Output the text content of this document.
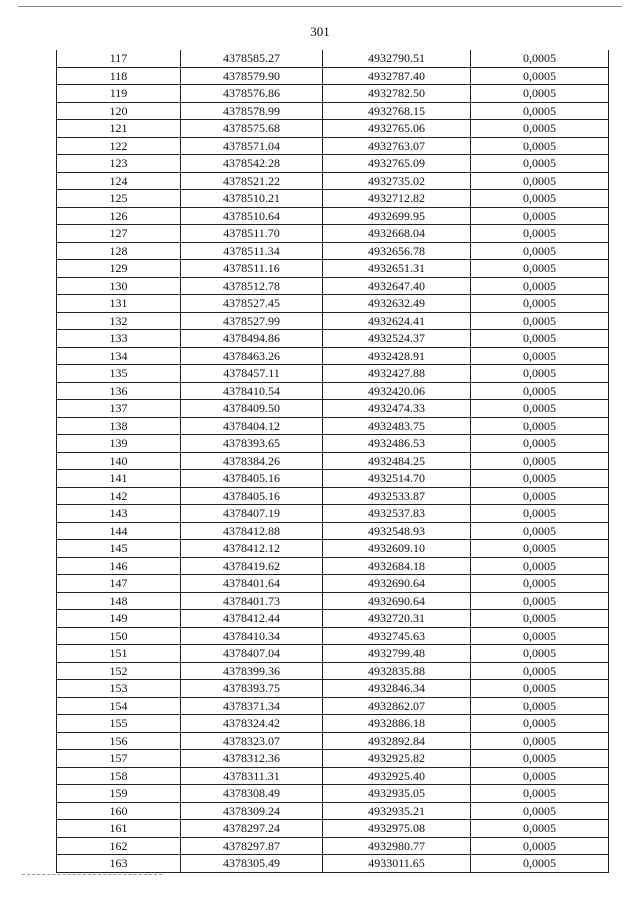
301
117	4378585.27	4932790.51	0,0005
118	4378579.90	4932787.40	0,0005
119	4378576.86	4932782.50	0,0005
120	4378578.99	4932768.15	0,0005
121	4378575.68	4932765.06	0,0005
122	4378571.04	4932763.07	0,0005
123	4378542.28	4932765.09	0,0005
124	4378521.22	4932735.02	0,0005
125	4378510.21	4932712.82	0,0005
126	4378510.64	4932699.95	0,0005
127	4378511.70	4932668.04	0,0005
128	4378511.34	4932656.78	0,0005
129	4378511.16	4932651.31	0,0005
130	4378512.78	4932647.40	0,0005
131	4378527.45	4932632.49	0,0005
132	4378527.99	4932624.41	0,0005
133	4378494.86	4932524.37	0,0005
134	4378463.26	4932428.91	0,0005
135	4378457.11	4932427.88	0,0005
136	4378410.54	4932420.06	0,0005
137	4378409.50	4932474.33	0,0005
138	4378404.12	4932483.75	0,0005
139	4378393.65	4932486.53	0,0005
140	4378384.26	4932484.25	0,0005
141	4378405.16	4932514.70	0,0005
142	4378405.16	4932533.87	0,0005
143	4378407.19	4932537.83	0,0005
144	4378412.88	4932548.93	0,0005
145	4378412.12	4932609.10	0,0005
146	4378419.62	4932684.18	0,0005
147	4378401.64	4932690.64	0,0005
148	4378401.73	4932690.64	0,0005
149	4378412.44	4932720.31	0,0005
150	4378410.34	4932745.63	0,0005
151	4378407.04	4932799.48	0,0005
152	4378399.36	4932835.88	0,0005
153	4378393.75	4932846.34	0,0005
154	4378371.34	4932862.07	0,0005
155	4378324.42	4932886.18	0,0005
156	4378323.07	4932892.84	0,0005
157	4378312.36	4932925.82	0,0005
158	4378311.31	4932925.40	0,0005
159	4378308.49	4932935.05	0,0005
160	4378309.24	4932935.21	0,0005
161	4378297.24	4932975.08	0,0005
162	4378297.87	4932980.77	0,0005
163	4378305.49	4933011.65	0,0005
